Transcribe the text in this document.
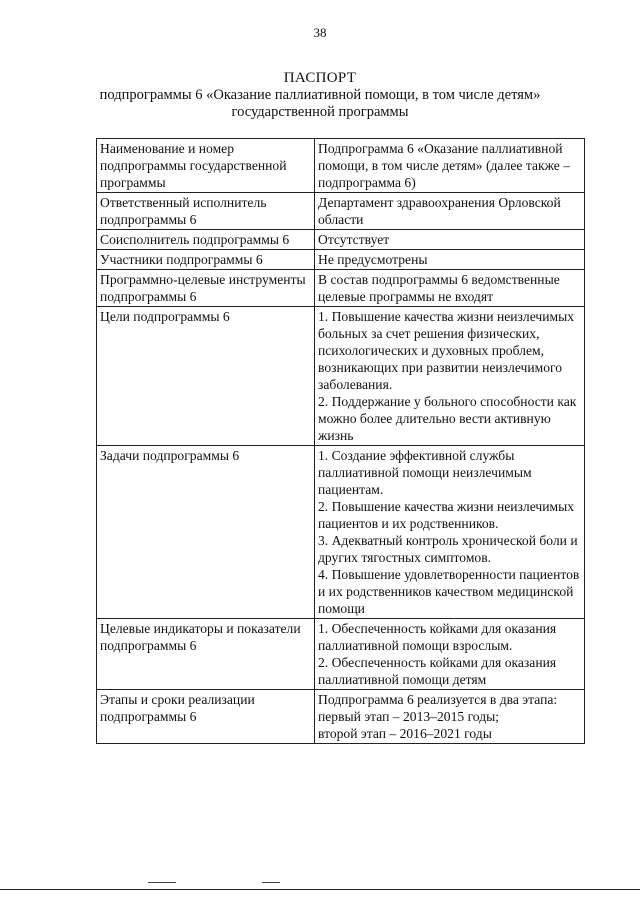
38
ПАСПОРТ
подпрограммы 6 «Оказание паллиативной помощи, в том числе детям»
государственной программы
Наименование и номер подпрограммы государственной программы	Подпрограмма 6 «Оказание паллиативной помощи, в том числе детям» (далее также – подпрограмма 6)

Ответственный исполнитель подпрограммы 6	Департамент здравоохранения Орловской области

Соисполнитель подпрограммы 6	Отсутствует

Участники подпрограммы 6	Не предусмотрены

Программно-целевые инструменты подпрограммы 6	В состав подпрограммы 6 ведомственные целевые программы не входят

Цели подпрограммы 6	1. Повышение качества жизни неизлечимых больных за счет решения физических, психологических и духовных проблем, возникающих при развитии неизлечимого заболевания.
2. Поддержание у больного способности как можно более длительно вести активную жизнь

Задачи подпрограммы 6	1. Создание эффективной службы паллиативной помощи неизлечимым пациентам.
2. Повышение качества жизни неизлечимых пациентов и их родственников.
3. Адекватный контроль хронической боли и других тягостных симптомов.
4. Повышение удовлетворенности пациентов и их родственников качеством медицинской помощи

Целевые индикаторы и показатели подпрограммы 6	1. Обеспеченность койками для оказания паллиативной помощи взрослым.
2. Обеспеченность койками для оказания паллиативной помощи детям

Этапы и сроки реализации подпрограммы 6	Подпрограмма 6 реализуется в два этапа:
первый этап – 2013–2015 годы;
второй этап – 2016–2021 годы
